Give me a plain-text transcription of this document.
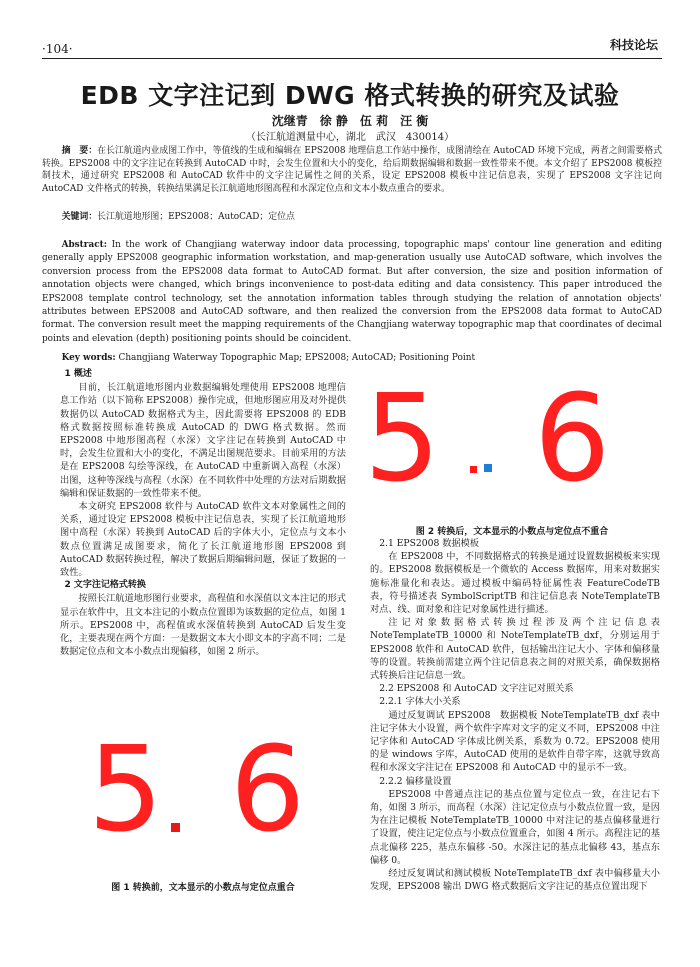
·104·	科技论坛
EDB 文字注记到 DWG 格式转换的研究及试验
沈继青　徐 静　伍 莉　汪 衡
（长江航道测量中心，湖北　武汉　430014）
摘　要：在长江航道内业成图工作中，等值线的生成和编辑在 EPS2008 地理信息工作站中操作，成图清绘在 AutoCAD 环境下完成，两者之间需要格式转换。EPS2008 中的文字注记在转换到 AutoCAD 中时，会发生位置和大小的变化，给后期数据编辑和数据一致性带来不便。本文介绍了 EPS2008 模板控制技术，通过研究 EPS2008 和 AutoCAD 软件中的文字注记属性之间的关系，设定 EPS2008 模板中注记信息表，实现了 EPS2008 文字注记向 AutoCAD 文件格式的转换，转换结果满足长江航道地形图高程和水深定位点和文本小数点重合的要求。
关键词：长江航道地形图；EPS2008；AutoCAD；定位点
Abstract: In the work of Changjiang waterway indoor data processing, topographic maps' contour line generation and editing generally apply EPS2008 geographic information workstation, and map-generation usually use AutoCAD software, which involves the conversion process from the EPS2008 data format to AutoCAD format. But after conversion, the size and position information of annotation objects were changed, which brings inconvenience to post-data editing and data consistency. This paper introduced the EPS2008 template control technology, set the annotation information tables through studying the relation of annotation objects' attributes between EPS2008 and AutoCAD software, and then realized the conversion from the EPS2008 data format to AutoCAD format. The conversion result meet the mapping requirements of the Changjiang waterway topographic map that coordinates of decimal points and elevation (depth) positioning points should be coincident.
Key words: Changjiang Waterway Topographic Map; EPS2008; AutoCAD; Positioning Point

1 概述

目前，长江航道地形图内业数据编辑处理使用 EPS2008 地理信息工作站（以下简称 EPS2008）操作完成，但地形图应用及对外提供数据仍以 AutoCAD 数据格式为主，因此需要将 EPS2008 的 EDB 格式数据按照标准转换成 AutoCAD 的 DWG 格式数据。然而 EPS2008 中地形图高程（水深）文字注记在转换到 AutoCAD 中时，会发生位置和大小的变化，不满足出图规范要求。目前采用的方法是在 EPS2008 勾绘等深线，在 AutoCAD 中重新调入高程（水深）出图，这种等深线与高程（水深）在不同软件中处理的方法对后期数据编辑和保证数据的一致性带来不便。

本文研究 EPS2008 软件与 AutoCAD 软件文本对象属性之间的关系，通过设定 EPS2008 模板中注记信息表，实现了长江航道地形图中高程（水深）转换到 AutoCAD 后的字体大小，定位点与文本小数点位置满足成图要求，简化了长江航道地形图 EPS2008 到 AutoCAD 数据转换过程，解决了数据后期编辑问题，保证了数据的一致性。

2 文字注记格式转换

按照长江航道地形图行业要求，高程值和水深值以文本注记的形式显示在软件中，且文本注记的小数点位置即为该数据的定位点，如图 1 所示。EPS2008 中，高程值或水深值转换到 AutoCAD 后发生变化，主要表现在两个方面：一是数据文本大小即文本的字高不同；二是数据定位点和文本小数点出现偏移，如图 2 所示。

5 6
图 1 转换前，文本显示的小数点与定位点重合
5 6
图 2 转换后，文本显示的小数点与定位点不重合

2.1 EPS2008 数据模板

在 EPS2008 中，不同数据格式的转换是通过设置数据模板来实现的。EPS2008 数据模板是一个微软的 Access 数据库，用来对数据实施标准量化和表达。通过模板中编码特征属性表 FeatureCodeTB 表，符号描述表 SymbolScriptTB 和注记信息表 NoteTemplateTB 对点、线、面对象和注记对象属性进行描述。

注记对象数据格式转换过程涉及两个注记信息表 NoteTemplateTB_10000 和 NoteTemplateTB_dxf，分别运用于 EPS2008 软件和 AutoCAD 软件，包括输出注记大小、字体和偏移量等的设置。转换前需建立两个注记信息表之间的对照关系，确保数据格式转换后注记信息一致。

2.2 EPS2008 和 AutoCAD 文字注记对照关系

2.2.1 字体大小关系

通过反复调试 EPS2008　数据模板 NoteTemplateTB_dxf 表中注记字体大小设置，两个软件字库对文字的定义不同，EPS2008 中注记字体和 AutoCAD 字体成比例关系，系数为 0.72。EPS2008 使用的是 windows 字库，AutoCAD 使用的是软件自带字库，这就导致高程和水深文字注记在 EPS2008 和 AutoCAD 中的显示不一致。

2.2.2 偏移量设置

EPS2008 中普通点注记的基点位置与定位点一致，在注记右下角，如图 3 所示，而高程（水深）注记定位点与小数点位置一致，是因为在注记模板 NoteTemplateTB_10000 中对注记的基点偏移量进行了设置，使注记定位点与小数点位置重合，如图 4 所示。高程注记的基点北偏移 225，基点东偏移 -50。水深注记的基点北偏移 43，基点东偏移 0。

经过反复调试和测试模板 NoteTemplateTB_dxf 表中偏移量大小发现，EPS2008 输出 DWG 格式数据后文字注记的基点位置出现下
